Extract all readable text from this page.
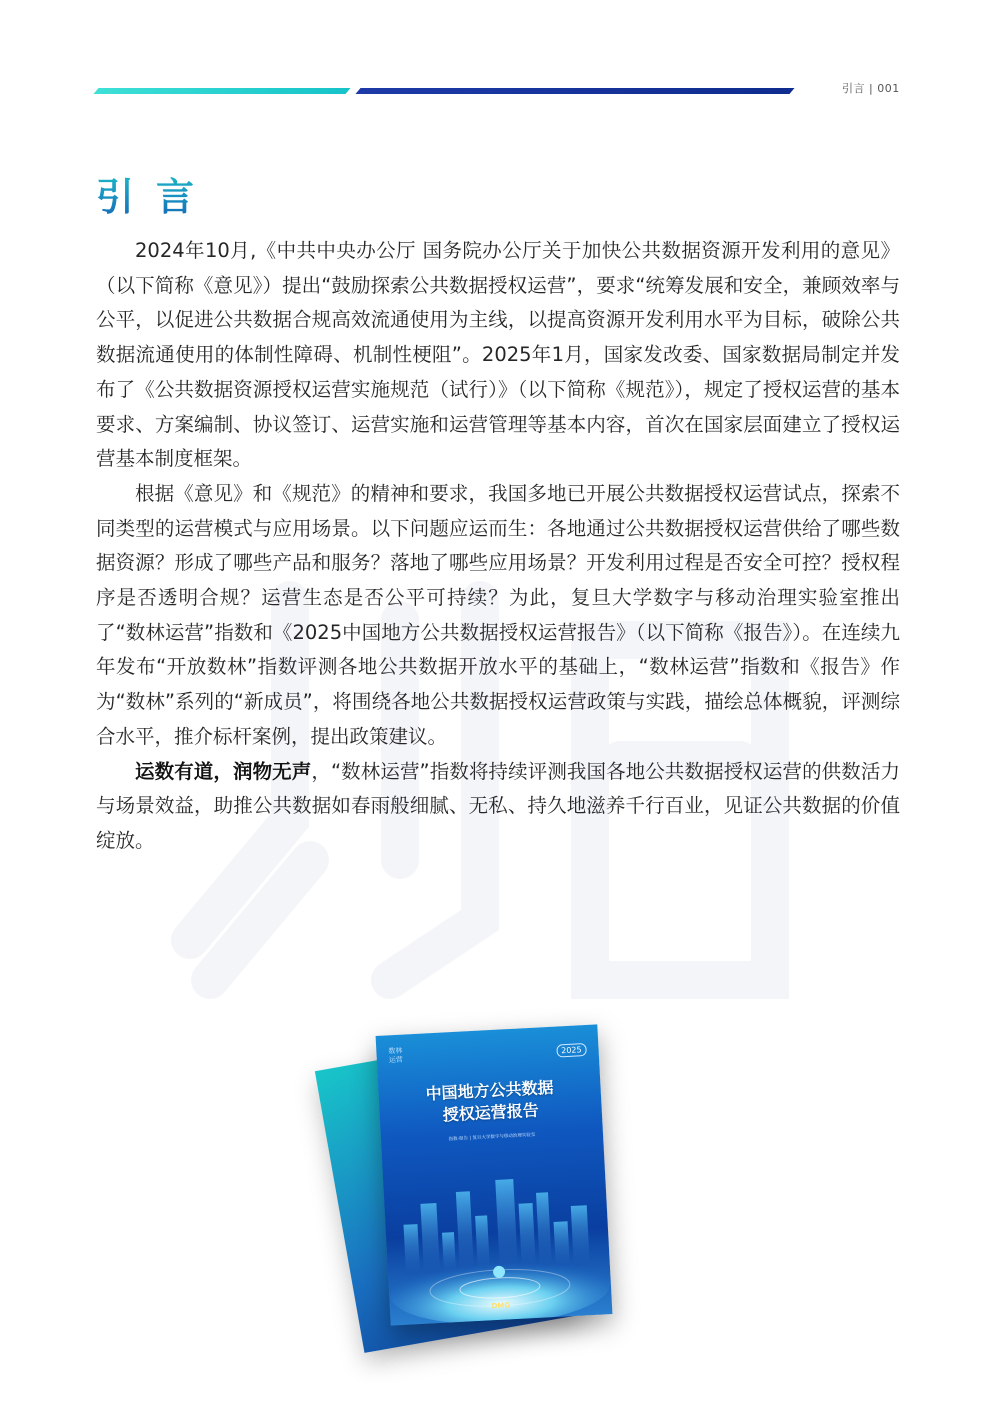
引言 | 001
引言

2024年10月,《中共中央办公厅 国务院办公厅关于加快公共数据资源开发利用的意见》（以下简称《意见》）提出“鼓励探索公共数据授权运营”，要求“统筹发展和安全，兼顾效率与公平，以促进公共数据合规高效流通使用为主线，以提高资源开发利用水平为目标，破除公共数据流通使用的体制性障碍、机制性梗阻”。2025年1月，国家发改委、国家数据局制定并发布了《公共数据资源授权运营实施规范（试行）》（以下简称《规范》），规定了授权运营的基本要求、方案编制、协议签订、运营实施和运营管理等基本内容，首次在国家层面建立了授权运营基本制度框架。

根据《意见》和《规范》的精神和要求，我国多地已开展公共数据授权运营试点，探索不同类型的运营模式与应用场景。以下问题应运而生：各地通过公共数据授权运营供给了哪些数据资源？形成了哪些产品和服务？落地了哪些应用场景？开发利用过程是否安全可控？授权程序是否透明合规？运营生态是否公平可持续？为此，复旦大学数字与移动治理实验室推出了“数林运营”指数和《2025中国地方公共数据授权运营报告》（以下简称《报告》）。在连续九年发布“开放数林”指数评测各地公共数据开放水平的基础上，“数林运营”指数和《报告》作为“数林”系列的“新成员”，将围绕各地公共数据授权运营政策与实践，描绘总体概貌，评测综合水平，推介标杆案例，提出政策建议。

运数有道，润物无声，“数林运营”指数将持续评测我国各地公共数据授权运营的供数活力与场景效益，助推公共数据如春雨般细腻、无私、持久地滋养千行百业，见证公共数据的价值绽放。

数林
运营
2025
中国地方公共数据
授权运营报告
指数·报告 | 复旦大学数字与移动治理实验室
DMG
